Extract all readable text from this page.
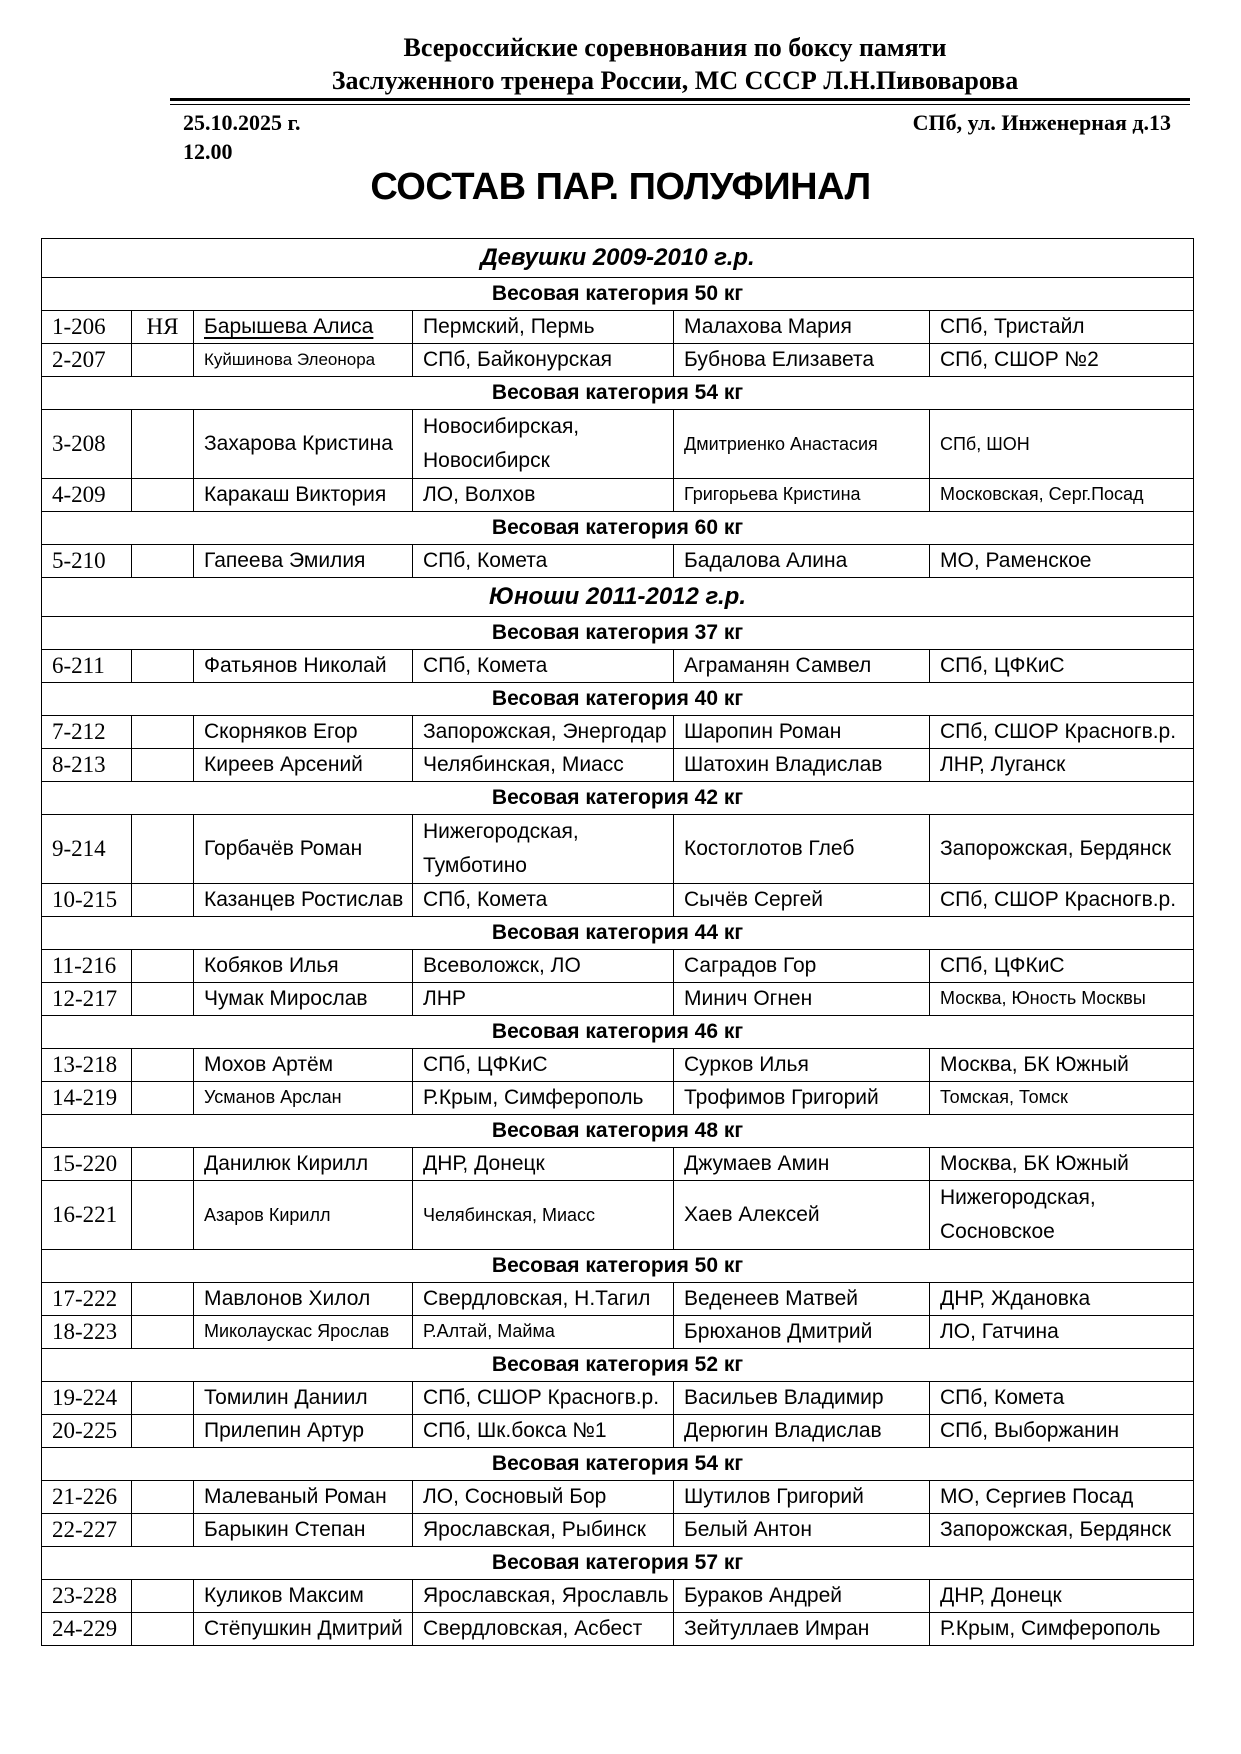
Всероссийские соревнования по боксу памяти
Заслуженного тренера России, МС СССР Л.Н.Пивоварова
25.10.2025 г.
12.00
СПб, ул. Инженерная д.13
СОСТАВ ПАР. ПОЛУФИНАЛ
Девушки 2009-2010 г.р.					
Весовая категория 50 кг					
1-206	НЯ	Барышева Алиса	Пермский, Пермь	Малахова Мария	СПб, Тристайл
2-207		Куйшинова Элеонора	СПб, Байконурская	Бубнова Елизавета	СПб, СШОР №2
Весовая категория 54 кг					
3-208		Захарова Кристина	Новосибирская, Новосибирск	Дмитриенко Анастасия	СПб, ШОН
4-209		Каракаш Виктория	ЛО, Волхов	Григорьева Кристина	Московская, Серг.Посад
Весовая категория 60 кг					
5-210		Гапеева Эмилия	СПб, Комета	Бадалова Алина	МО, Раменское
Юноши 2011-2012 г.р.					
Весовая категория 37 кг					
6-211		Фатьянов Николай	СПб, Комета	Аграманян Самвел	СПб, ЦФКиС
Весовая категория 40 кг					
7-212		Скорняков Егор	Запорожская, Энергодар	Шаропин Роман	СПб, СШОР Красногв.р.
8-213		Киреев Арсений	Челябинская, Миасс	Шатохин Владислав	ЛНР, Луганск
Весовая категория 42 кг					
9-214		Горбачёв Роман	Нижегородская, Тумботино	Костоглотов Глеб	Запорожская, Бердянск
10-215		Казанцев Ростислав	СПб, Комета	Сычёв Сергей	СПб, СШОР Красногв.р.
Весовая категория 44 кг					
11-216		Кобяков Илья	Всеволожск, ЛО	Саградов Гор	СПб, ЦФКиС
12-217		Чумак Мирослав	ЛНР	Минич Огнен	Москва, Юность Москвы
Весовая категория 46 кг					
13-218		Мохов Артём	СПб, ЦФКиС	Сурков Илья	Москва, БК Южный
14-219		Усманов Арслан	Р.Крым, Симферополь	Трофимов Григорий	Томская, Томск
Весовая категория 48 кг					
15-220		Данилюк Кирилл	ДНР, Донецк	Джумаев Амин	Москва, БК Южный
16-221		Азаров Кирилл	Челябинская, Миасс	Хаев Алексей	Нижегородская, Сосновское
Весовая категория 50 кг					
17-222		Мавлонов Хилол	Свердловская, Н.Тагил	Веденеев Матвей	ДНР, Ждановка
18-223		Миколаускас Ярослав	Р.Алтай, Майма	Брюханов Дмитрий	ЛО, Гатчина
Весовая категория 52 кг					
19-224		Томилин Даниил	СПб, СШОР Красногв.р.	Васильев Владимир	СПб, Комета
20-225		Прилепин Артур	СПб, Шк.бокса №1	Дерюгин Владислав	СПб, Выборжанин
Весовая категория 54 кг					
21-226		Малеваный Роман	ЛО, Сосновый Бор	Шутилов Григорий	МО, Сергиев Посад
22-227		Барыкин Степан	Ярославская, Рыбинск	Белый Антон	Запорожская, Бердянск
Весовая категория 57 кг					
23-228		Куликов Максим	Ярославская, Ярославль	Бураков Андрей	ДНР, Донецк
24-229		Стёпушкин Дмитрий	Свердловская, Асбест	Зейтуллаев Имран	Р.Крым, Симферополь
